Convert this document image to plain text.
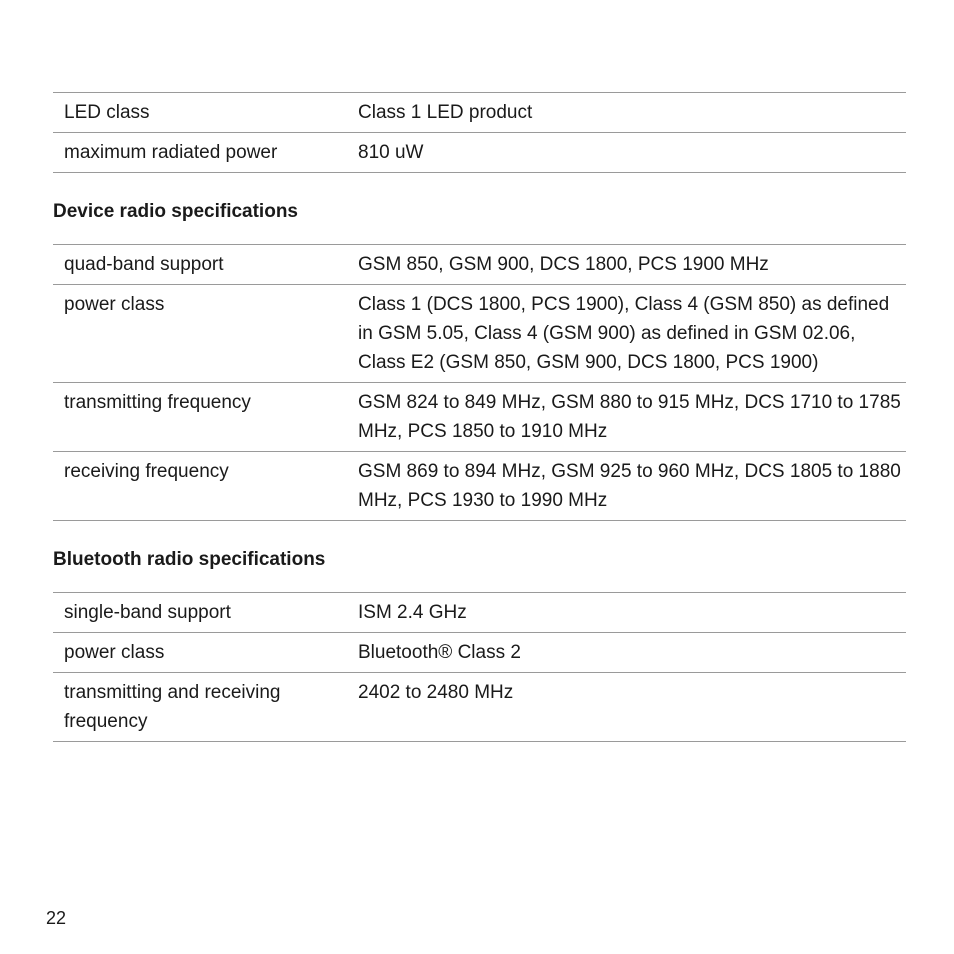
LED class	Class 1 LED product
maximum radiated power	810 uW
Device radio specifications
quad-band support	GSM 850, GSM 900, DCS 1800, PCS 1900 MHz
power class	Class 1 (DCS 1800, PCS 1900), Class 4 (GSM 850) as defined in GSM 5.05, Class 4 (GSM 900) as defined in GSM 02.06, Class E2 (GSM 850, GSM 900, DCS 1800, PCS 1900)
transmitting frequency	GSM 824 to 849 MHz, GSM 880 to 915 MHz, DCS 1710 to 1785 MHz, PCS 1850 to 1910 MHz
receiving frequency	GSM 869 to 894 MHz, GSM 925 to 960 MHz, DCS 1805 to 1880 MHz, PCS 1930 to 1990 MHz
Bluetooth radio specifications
single-band support	ISM 2.4 GHz
power class	Bluetooth® Class 2
transmitting and receiving frequency	2402 to 2480 MHz
22
